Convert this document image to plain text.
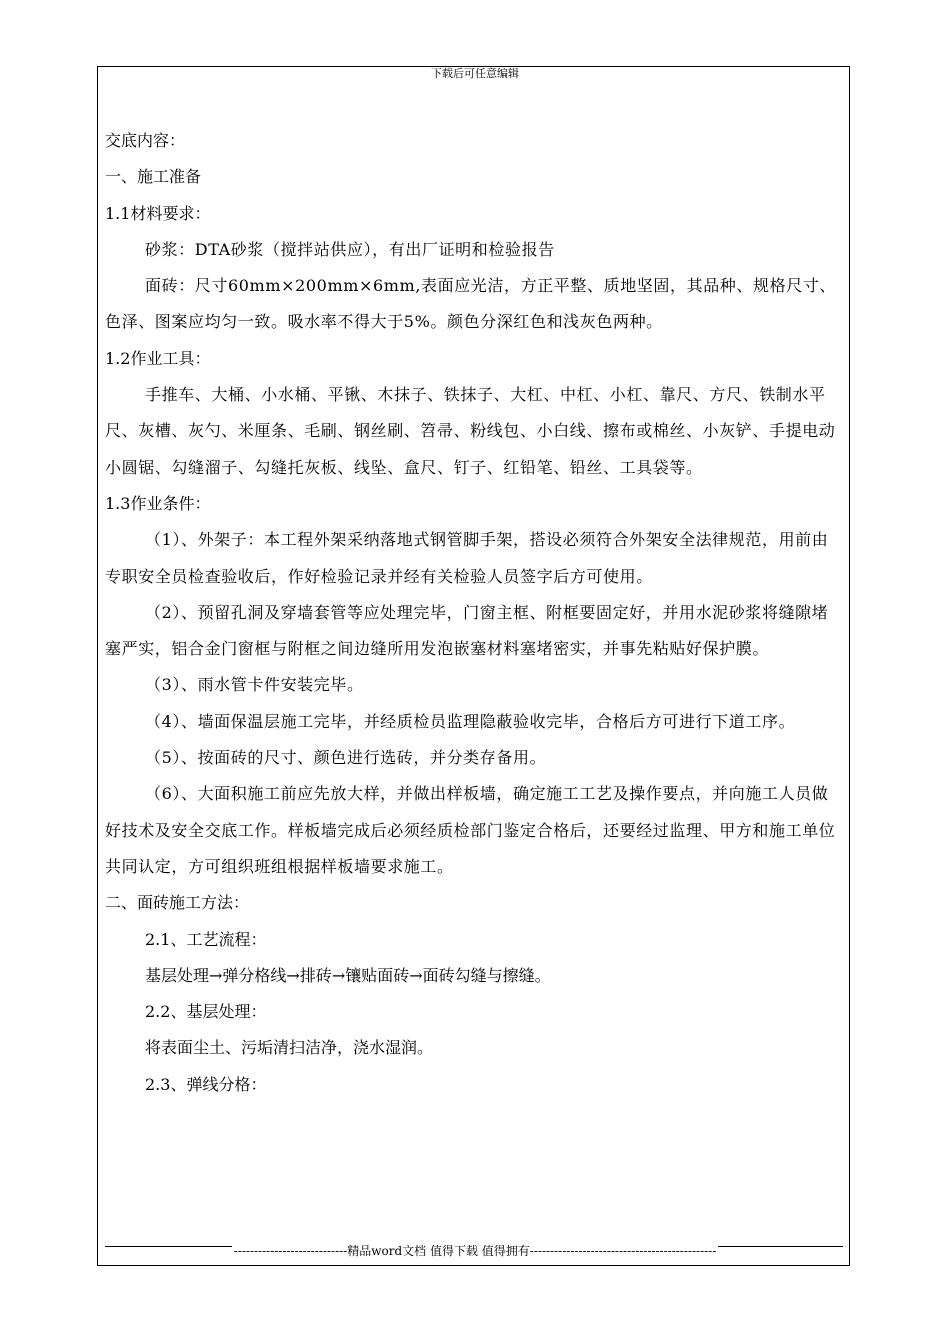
下载后可任意编辑

交底内容：

一、施工准备

1.1材料要求：

砂浆：DTA砂浆（搅拌站供应），有出厂证明和检验报告

面砖：尺寸60mm×200mm×6mm,表面应光洁，方正平整、质地坚固，其品种、规格尺寸、色泽、图案应均匀一致。吸水率不得大于5%。颜色分深红色和浅灰色两种。

1.2作业工具：

手推车、大桶、小水桶、平锹、木抹子、铁抹子、大杠、中杠、小杠、靠尺、方尺、铁制水平尺、灰槽、灰勺、米厘条、毛刷、钢丝刷、笤帚、粉线包、小白线、擦布或棉丝、小灰铲、手提电动小圆锯、勾缝溜子、勾缝托灰板、线坠、盒尺、钉子、红铅笔、铅丝、工具袋等。

1.3作业条件：

（1）、外架子：本工程外架采纳落地式钢管脚手架，搭设必须符合外架安全法律规范，用前由专职安全员检查验收后，作好检验记录并经有关检验人员签字后方可使用。

（2）、预留孔洞及穿墙套管等应处理完毕，门窗主框、附框要固定好，并用水泥砂浆将缝隙堵塞严实，铝合金门窗框与附框之间边缝所用发泡嵌塞材料塞堵密实，并事先粘贴好保护膜。

（3）、雨水管卡件安装完毕。

（4）、墙面保温层施工完毕，并经质检员监理隐蔽验收完毕，合格后方可进行下道工序。

（5）、按面砖的尺寸、颜色进行选砖，并分类存备用。

（6）、大面积施工前应先放大样，并做出样板墙，确定施工工艺及操作要点，并向施工人员做好技术及安全交底工作。样板墙完成后必须经质检部门鉴定合格后，还要经过监理、甲方和施工单位共同认定，方可组织班组根据样板墙要求施工。

二、面砖施工方法：

2.1、工艺流程：

基层处理→弹分格线→排砖→镶贴面砖→面砖勾缝与擦缝。

2.2、基层处理：

将表面尘土、污垢清扫洁净，浇水湿润。

2.3、弹线分格：

----------------------------精品word文档 值得下载 值得拥有----------------------------------------------
